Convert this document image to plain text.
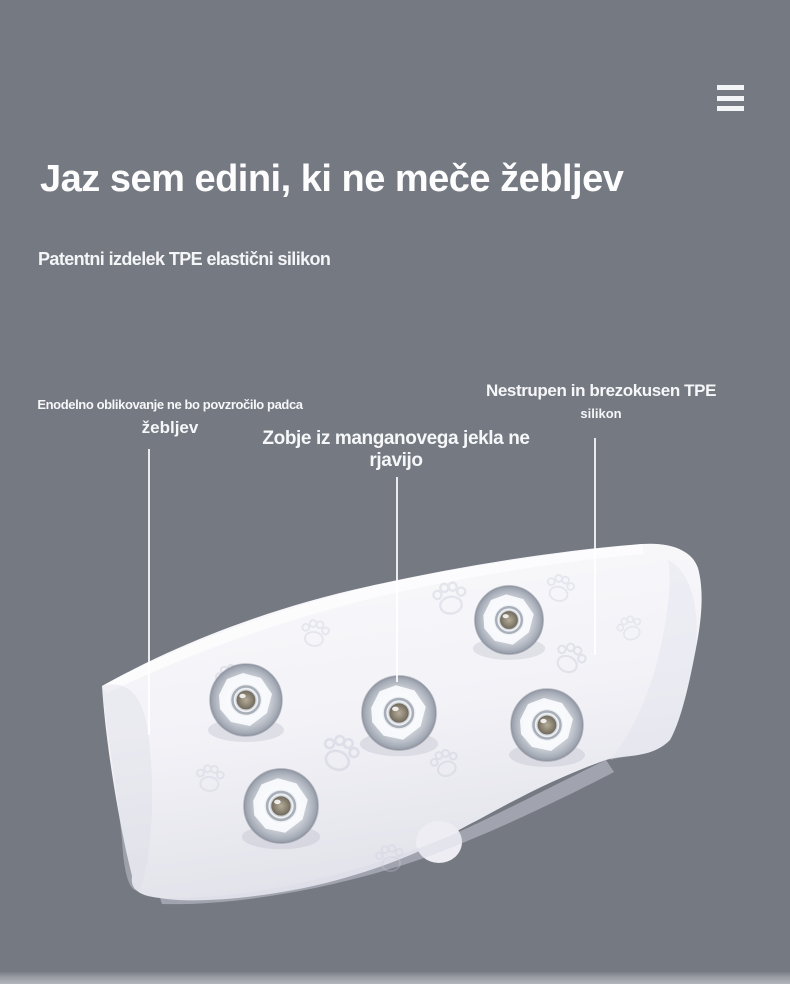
Jaz sem edini, ki ne meče žebljev

Patentni izdelek TPE elastični silikon

Enodelno oblikovanje ne bo povzročilo padca
žebljev
Zobje iz manganovega jekla ne
rjavijo
Nestrupen in brezokusen TPE
silikon
